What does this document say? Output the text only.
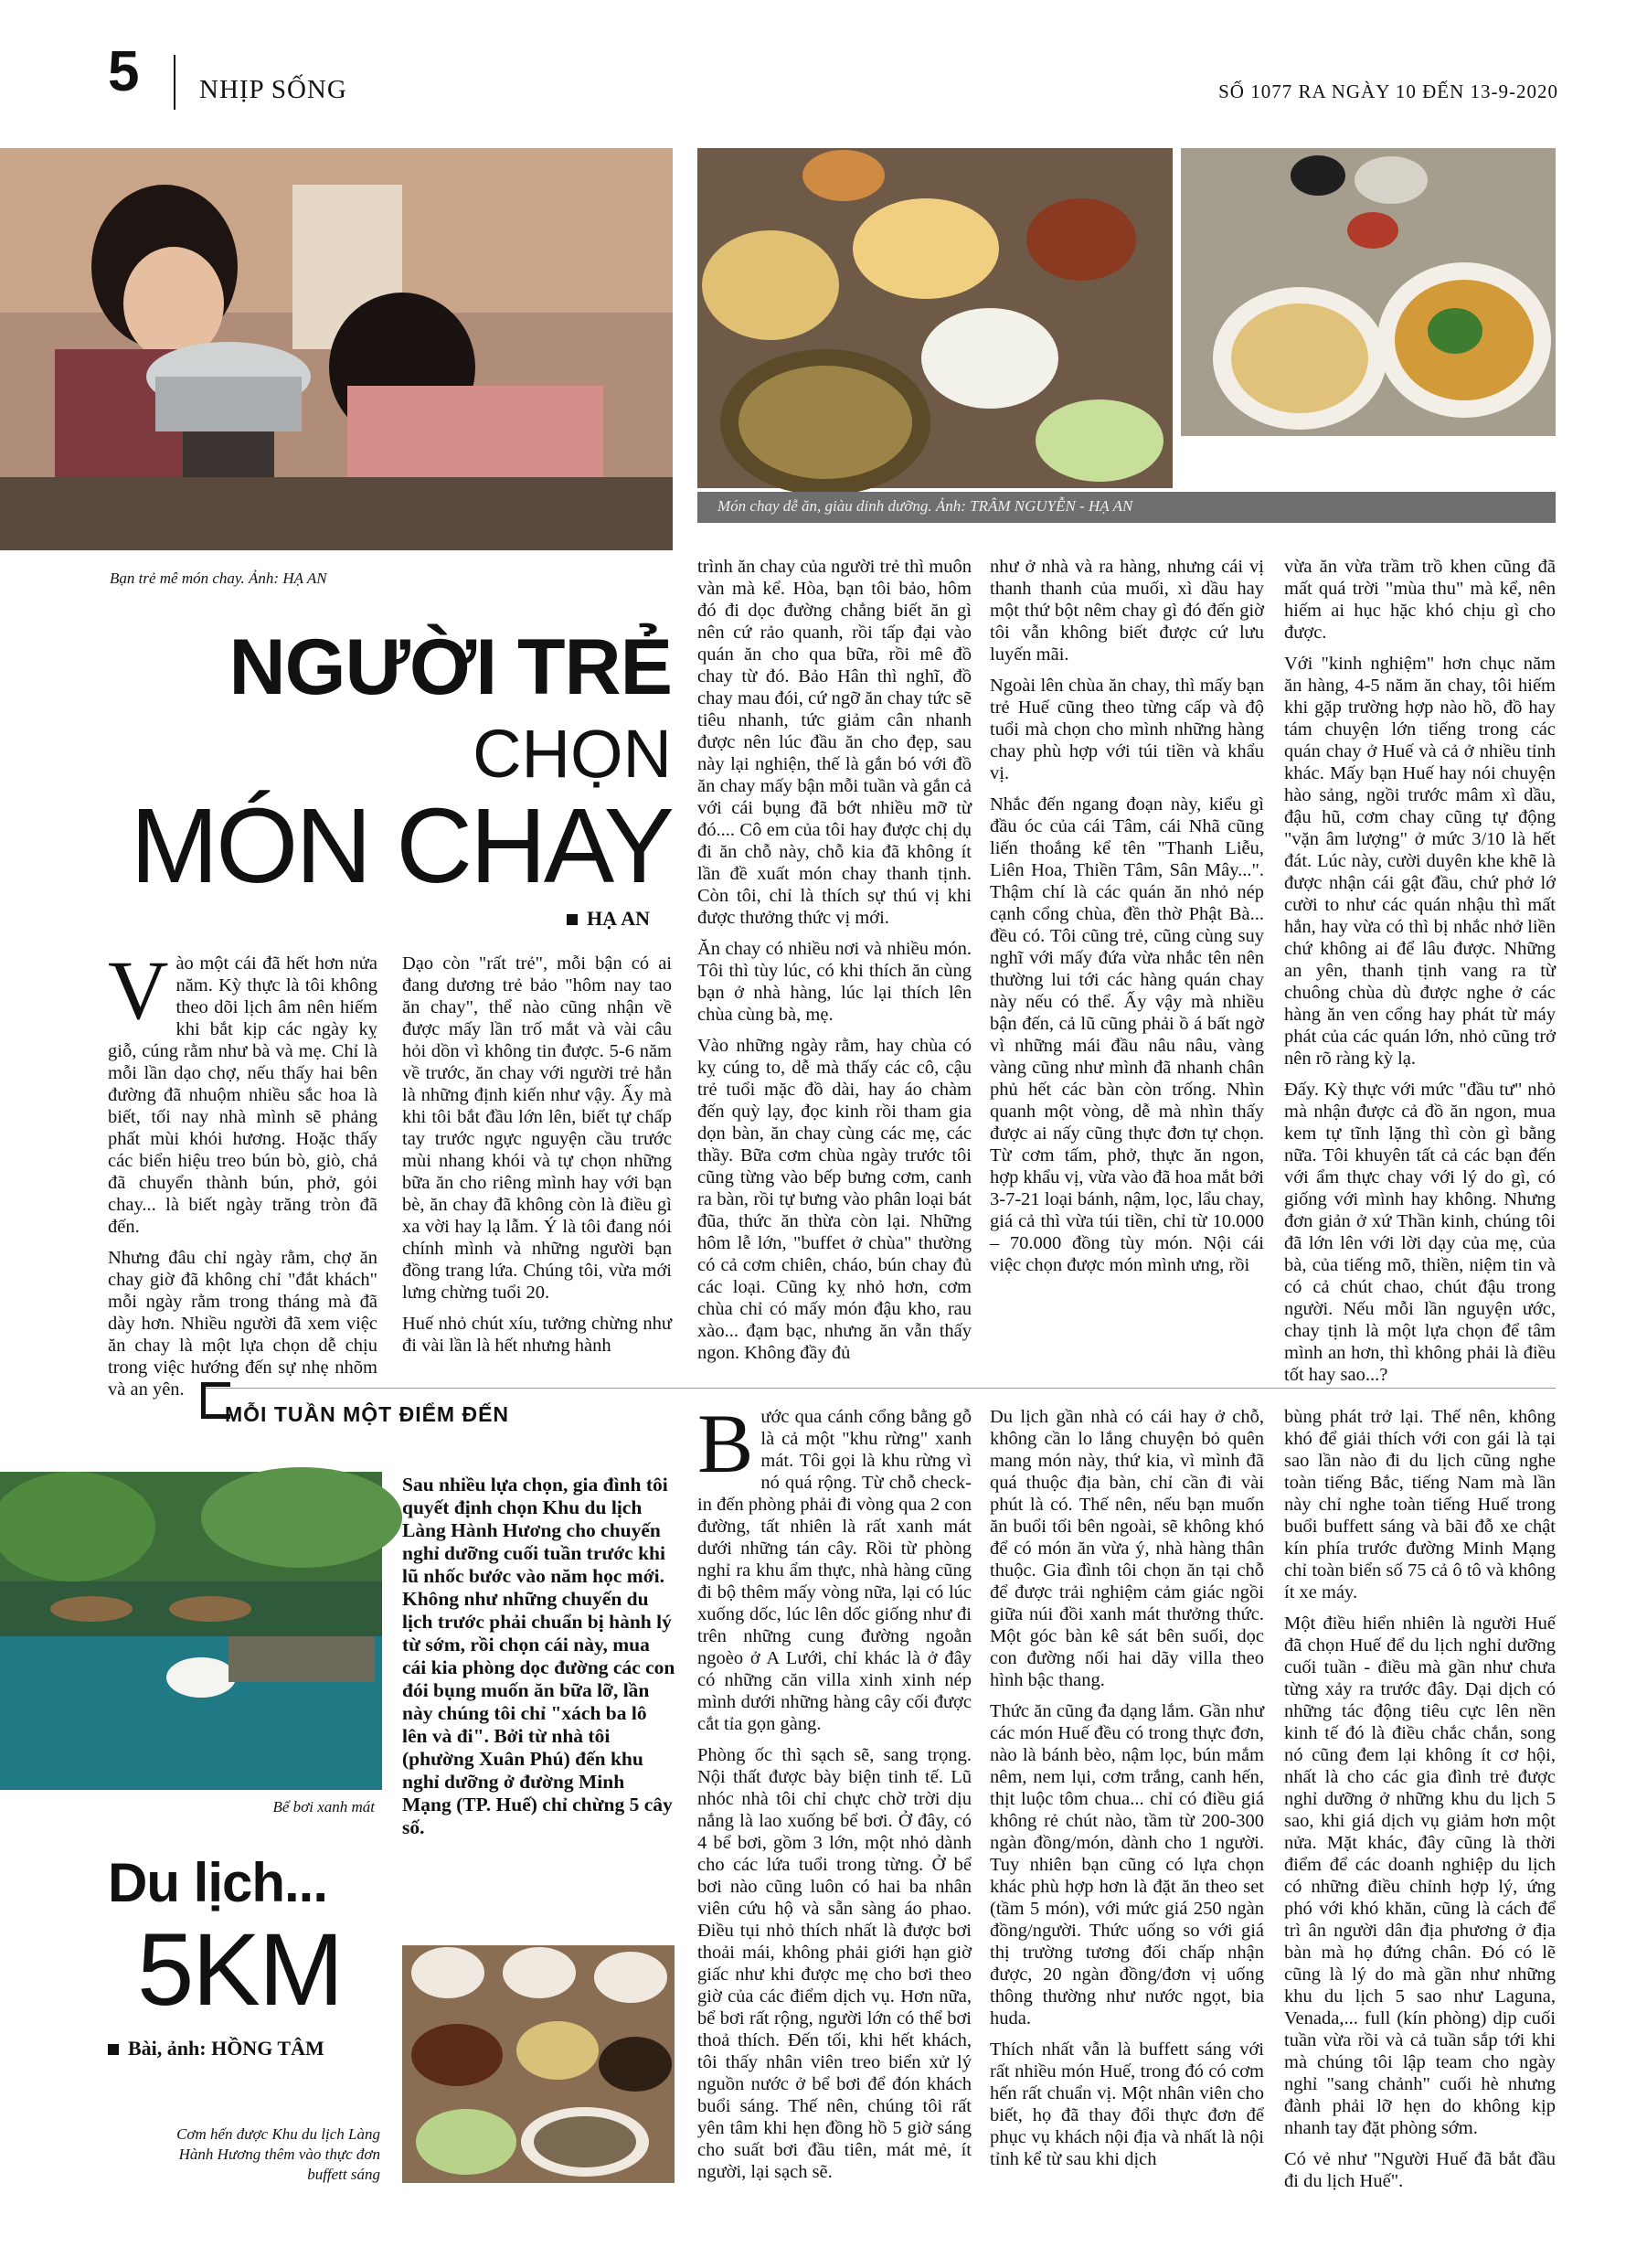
5 NHỊP SỐNG	SỐ 1077 RA NGÀY 10 ĐẾN 13-9-2020
Món chay dễ ăn, giàu dinh dưỡng. Ảnh: TRÂM NGUYỄN - HẠ AN
Bạn trẻ mê món chay. Ảnh: HẠ AN
NGƯỜI TRẺ
CHỌN
MÓN CHAY
HẠ AN
V ào một cái đã hết hơn nửa năm. Kỳ thực là tôi không theo dõi lịch âm nên hiếm khi bắt kịp các ngày kỵ giỗ, cúng rằm như bà và mẹ. Chỉ là mỗi lần dạo chợ, nếu thấy hai bên đường đã nhuộm nhiều sắc hoa là biết, tối nay nhà mình sẽ phảng phất mùi khói hương. Hoặc thấy các biển hiệu treo bún bò, giò, chả đã chuyển thành bún, phở, gỏi chay... là biết ngày trăng tròn đã đến.

Nhưng đâu chỉ ngày rằm, chợ ăn chay giờ đã không chỉ "đắt khách" mỗi ngày rằm trong tháng mà đã dày hơn. Nhiều người đã xem việc ăn chay là một lựa chọn dễ chịu trong việc hướng đến sự nhẹ nhõm và an yên.

Dạo còn "rất trẻ", mỗi bận có ai đang dương trẻ bảo "hôm nay tao ăn chay", thể nào cũng nhận về được mấy lần trố mắt và vài câu hỏi dồn vì không tin được. 5-6 năm về trước, ăn chay với người trẻ hẳn là những định kiến như vậy. Ấy mà khi tôi bắt đầu lớn lên, biết tự chấp tay trước ngực nguyện cầu trước mùi nhang khói và tự chọn những bữa ăn cho riêng mình hay với bạn bè, ăn chay đã không còn là điều gì xa vời hay lạ lẫm. Ý là tôi đang nói chính mình và những người bạn đồng trang lứa. Chúng tôi, vừa mới lưng chừng tuổi 20.

Huế nhỏ chút xíu, tưởng chừng như đi vài lần là hết nhưng hành

trình ăn chay của người trẻ thì muôn vàn mà kể. Hòa, bạn tôi bảo, hôm đó đi dọc đường chẳng biết ăn gì nên cứ rảo quanh, rồi tấp đại vào quán ăn cho qua bữa, rồi mê đồ chay từ đó. Bảo Hân thì nghĩ, đồ chay mau đói, cứ ngỡ ăn chay tức sẽ tiêu nhanh, tức giảm cân nhanh được nên lúc đầu ăn cho đẹp, sau này lại nghiện, thế là gắn bó với đồ ăn chay mấy bận mỗi tuần và gắn cả với cái bụng đã bớt nhiều mỡ từ đó.... Cô em của tôi hay được chị dụ đi ăn chỗ này, chỗ kia đã không ít lần đề xuất món chay thanh tịnh. Còn tôi, chỉ là thích sự thú vị khi được thưởng thức vị mới.

Ăn chay có nhiều nơi và nhiều món. Tôi thì tùy lúc, có khi thích ăn cùng bạn ở nhà hàng, lúc lại thích lên chùa cùng bà, mẹ.

Vào những ngày rằm, hay chùa có kỵ cúng to, dễ mà thấy các cô, cậu trẻ tuổi mặc đồ dài, hay áo chàm đến quỳ lạy, đọc kinh rồi tham gia dọn bàn, ăn chay cùng các mẹ, các thầy. Bữa cơm chùa ngày trước tôi cũng từng vào bếp bưng cơm, canh ra bàn, rồi tự bưng vào phân loại bát đũa, thức ăn thừa còn lại. Những hôm lễ lớn, "buffet ở chùa" thường có cả cơm chiên, cháo, bún chay đủ các loại. Cũng kỵ nhỏ hơn, cơm chùa chỉ có mấy món đậu kho, rau xào... đạm bạc, nhưng ăn vẫn thấy ngon. Không đầy đủ

như ở nhà và ra hàng, nhưng cái vị thanh thanh của muối, xì dầu hay một thứ bột nêm chay gì đó đến giờ tôi vẫn không biết được cứ lưu luyến mãi.

Ngoài lên chùa ăn chay, thì mấy bạn trẻ Huế cũng theo từng cấp và độ tuổi mà chọn cho mình những hàng chay phù hợp với túi tiền và khẩu vị.

Nhắc đến ngang đoạn này, kiểu gì đầu óc của cái Tâm, cái Nhã cũng liến thoắng kể tên "Thanh Liễu, Liên Hoa, Thiền Tâm, Sân Mây...". Thậm chí là các quán ăn nhỏ nép cạnh cổng chùa, đền thờ Phật Bà... đều có. Tôi cũng trẻ, cũng cùng suy nghĩ với mấy đứa vừa nhắc tên nên thường lui tới các hàng quán chay này nếu có thể. Ấy vậy mà nhiều bận đến, cả lũ cũng phải ồ á bất ngờ vì những mái đầu nâu nâu, vàng vàng cũng như mình đã nhanh chân phủ hết các bàn còn trống. Nhìn quanh một vòng, dễ mà nhìn thấy được ai nấy cũng thực đơn tự chọn. Từ cơm tấm, phở, thực ăn ngon, hợp khẩu vị, vừa vào đã hoa mắt bởi 3-7-21 loại bánh, nậm, lọc, lẩu chay, giá cả thì vừa túi tiền, chỉ từ 10.000 – 70.000 đồng tùy món. Nội cái việc chọn được món mình ưng, rồi

vừa ăn vừa trầm trồ khen cũng đã mất quá trời "mùa thu" mà kể, nên hiếm ai hục hặc khó chịu gì cho được.

Với "kinh nghiệm" hơn chục năm ăn hàng, 4-5 năm ăn chay, tôi hiếm khi gặp trường hợp nào hồ, đồ hay tám chuyện lớn tiếng trong các quán chay ở Huế và cả ở nhiều tỉnh khác. Mấy bạn Huế hay nói chuyện hào sảng, ngồi trước mâm xì dầu, đậu hũ, cơm chay cũng tự động "vặn âm lượng" ở mức 3/10 là hết đát. Lúc này, cười duyên khe khẽ là được nhận cái gật đầu, chứ phở lớ cười to như các quán nhậu thì mất hẳn, hay vừa có thì bị nhắc nhở liền chứ không ai để lâu được. Những an yên, thanh tịnh vang ra từ chuông chùa dù được nghe ở các hàng ăn ven cổng hay phát từ máy phát của các quán lớn, nhỏ cũng trở nên rõ ràng kỳ lạ.

Đấy. Kỳ thực với mức "đầu tư" nhỏ mà nhận được cả đồ ăn ngon, mua kem tự tĩnh lặng thì còn gì bằng nữa. Tôi khuyên tất cả các bạn đến với ẩm thực chay với lý do gì, có giống với mình hay không. Nhưng đơn giản ở xứ Thần kinh, chúng tôi đã lớn lên với lời dạy của mẹ, của bà, của tiếng mõ, thiền, niệm tin và có cả chút chao, chút đậu trong người. Nếu mỗi lần nguyện ước, chay tịnh là một lựa chọn để tâm mình an hơn, thì không phải là điều tốt hay sao...?

MỖI TUẦN MỘT ĐIỂM ĐẾN
Bể bơi xanh mát
Sau nhiều lựa chọn, gia đình tôi quyết định chọn Khu du lịch Làng Hành Hương cho chuyến nghỉ dưỡng cuối tuần trước khi lũ nhốc bước vào năm học mới. Không như những chuyến du lịch trước phải chuẩn bị hành lý từ sớm, rồi chọn cái này, mua cái kia phòng dọc đường các con đói bụng muốn ăn bữa lỡ, lần này chúng tôi chỉ "xách ba lô lên và đi". Bởi từ nhà tôi (phường Xuân Phú) đến khu nghỉ dưỡng ở đường Minh Mạng (TP. Huế) chỉ chừng 5 cây số.
Du lịch...
5KM
Bài, ảnh: HỒNG TÂM
Cơm hến được Khu du lịch Làng Hành Hương thêm vào thực đơn buffett sáng
B ước qua cánh cổng bằng gỗ là cả một "khu rừng" xanh mát. Tôi gọi là khu rừng vì nó quá rộng. Từ chỗ check-in đến phòng phải đi vòng qua 2 con đường, tất nhiên là rất xanh mát dưới những tán cây. Rồi từ phòng nghỉ ra khu ẩm thực, nhà hàng cũng đi bộ thêm mấy vòng nữa, lại có lúc xuống dốc, lúc lên dốc giống như đi trên những cung đường ngoằn ngoèo ở A Lưới, chỉ khác là ở đây có những căn villa xinh xinh nép mình dưới những hàng cây cối được cắt tỉa gọn gàng.

Phòng ốc thì sạch sẽ, sang trọng. Nội thất được bày biện tinh tế. Lũ nhóc nhà tôi chỉ chực chờ trời dịu nắng là lao xuống bể bơi. Ở đây, có 4 bể bơi, gồm 3 lớn, một nhỏ dành cho các lứa tuổi trong từng. Ở bể bơi nào cũng luôn có hai ba nhân viên cứu hộ và sẵn sàng áo phao. Điều tụi nhỏ thích nhất là được bơi thoải mái, không phải giới hạn giờ giấc như khi được mẹ cho bơi theo giờ của các điểm dịch vụ. Hơn nữa, bể bơi rất rộng, người lớn có thể bơi thoả thích. Đến tối, khi hết khách, tôi thấy nhân viên treo biển xử lý nguồn nước ở bể bơi để đón khách buổi sáng. Thế nên, chúng tôi rất yên tâm khi hẹn đồng hồ 5 giờ sáng cho suất bơi đầu tiên, mát mẻ, ít người, lại sạch sẽ.

Du lịch gần nhà có cái hay ở chỗ, không cần lo lắng chuyện bỏ quên mang món này, thứ kia, vì mình đã quá thuộc địa bàn, chỉ cần đi vài phút là có. Thế nên, nếu bạn muốn ăn buổi tối bên ngoài, sẽ không khó để có món ăn vừa ý, nhà hàng thân thuộc. Gia đình tôi chọn ăn tại chỗ để được trải nghiệm cảm giác ngồi giữa núi đồi xanh mát thưởng thức. Một góc bàn kê sát bên suối, dọc con đường nối hai dãy villa theo hình bậc thang.

Thức ăn cũng đa dạng lắm. Gần như các món Huế đều có trong thực đơn, nào là bánh bèo, nậm lọc, bún mắm nêm, nem lụi, cơm trắng, canh hến, thịt luộc tôm chua... chỉ có điều giá không rẻ chút nào, tầm từ 200-300 ngàn đồng/món, dành cho 1 người. Tuy nhiên bạn cũng có lựa chọn khác phù hợp hơn là đặt ăn theo set (tầm 5 món), với mức giá 250 ngàn đồng/người. Thức uống so với giá thị trường tương đối chấp nhận được, 20 ngàn đồng/đơn vị uống thông thường như nước ngọt, bia huda.

Thích nhất vẫn là buffett sáng với rất nhiều món Huế, trong đó có cơm hến rất chuẩn vị. Một nhân viên cho biết, họ đã thay đổi thực đơn để phục vụ khách nội địa và nhất là nội tỉnh kể từ sau khi dịch

bùng phát trở lại. Thế nên, không khó để giải thích với con gái là tại sao lần nào đi du lịch cũng nghe toàn tiếng Bắc, tiếng Nam mà lần này chỉ nghe toàn tiếng Huế trong buổi buffett sáng và bãi đỗ xe chật kín phía trước đường Minh Mạng chỉ toàn biển số 75 cả ô tô và không ít xe máy.

Một điều hiển nhiên là người Huế đã chọn Huế để du lịch nghỉ dưỡng cuối tuần - điều mà gần như chưa từng xảy ra trước đây. Dại dịch có những tác động tiêu cực lên nền kinh tế đó là điều chắc chắn, song nó cũng đem lại không ít cơ hội, nhất là cho các gia đình trẻ được nghỉ dưỡng ở những khu du lịch 5 sao, khi giá dịch vụ giảm hơn một nửa. Mặt khác, đây cũng là thời điểm để các doanh nghiệp du lịch có những điều chỉnh hợp lý, ứng phó với khó khăn, cũng là cách để trì ân người dân địa phương ở địa bàn mà họ đứng chân. Đó có lẽ cũng là lý do mà gần như những khu du lịch 5 sao như Laguna, Venada,... full (kín phòng) dịp cuối tuần vừa rồi và cả tuần sắp tới khi mà chúng tôi lập team cho ngày nghỉ "sang chảnh" cuối hè nhưng đành phải lỡ hẹn do không kịp nhanh tay đặt phòng sớm.

Có vẻ như "Người Huế đã bắt đầu đi du lịch Huế".
